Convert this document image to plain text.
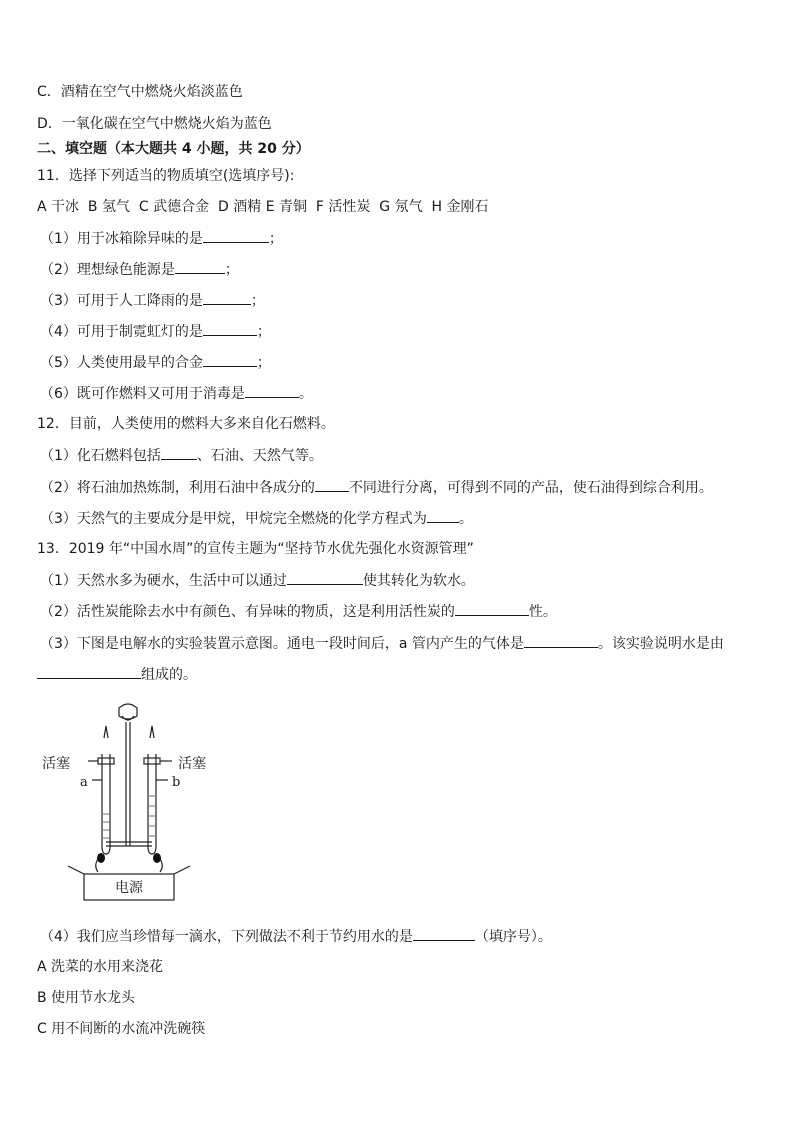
C．酒精在空气中燃烧火焰淡蓝色
D．一氧化碳在空气中燃烧火焰为蓝色
二、填空题（本大题共 4 小题，共 20 分）
11．选择下列适当的物质填空(选填序号):
A 干冰  B 氢气  C 武德合金  D 酒精 E 青铜  F 活性炭  G 氖气  H 金刚石
（1）用于冰箱除异味的是	；
（2）理想绿色能源是	；
（3）可用于人工降雨的是	；
（4）可用于制霓虹灯的是	；
（5）人类使用最早的合金	；
（6）既可作燃料又可用于消毒是	。
12．目前，人类使用的燃料大多来自化石燃料。
（1）化石燃料包括	、石油、天然气等。
（2）将石油加热炼制，利用石油中各成分的 不同进行分离，可得到不同的产品，使石油得到综合利用。
（3）天然气的主要成分是甲烷，甲烷完全燃烧的化学方程式为 。
13．2019 年“中国水周”的宣传主题为“坚持节水优先强化水资源管理”
（1）天然水多为硬水，生活中可以通过	使其转化为软水。
（2）活性炭能除去水中有颜色、有异味的物质，这是利用活性炭的	性。
（3）下图是电解水的实验装置示意图。通电一段时间后，a 管内产生的气体是	。该实验说明水是由
组成的。
活塞	活塞
a	b
电源
（4）我们应当珍惜每一滴水，下列做法不利于节约用水的是	（填序号）。
A 洗菜的水用来浇花
B 使用节水龙头
C 用不间断的水流冲洗碗筷
